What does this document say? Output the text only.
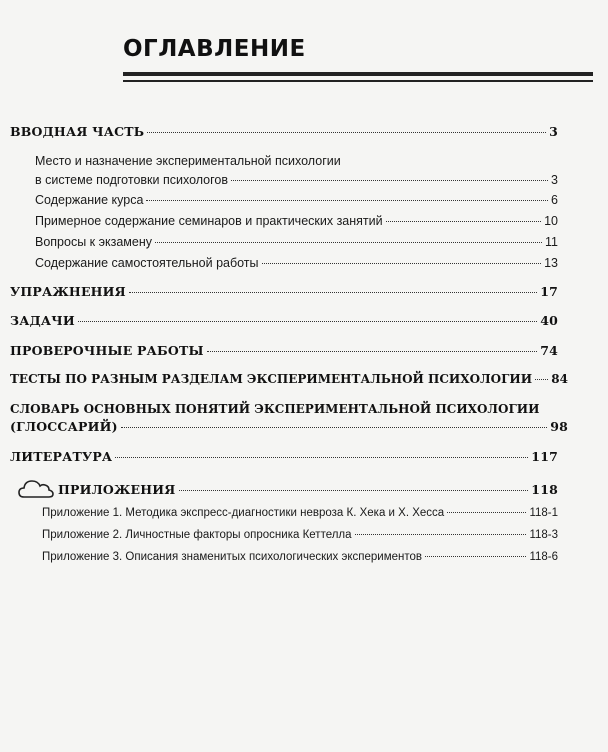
ОГЛАВЛЕНИЕ
ВВОДНАЯ ЧАСТЬ	3
Место и назначение экспериментальной психологии
в системе подготовки психологов	3
Содержание курса	6
Примерное содержание семинаров и практических занятий	10
Вопросы к экзамену	11
Содержание самостоятельной работы	13
УПРАЖНЕНИЯ	17
ЗАДАЧИ	40
ПРОВЕРОЧНЫЕ РАБОТЫ	74
ТЕСТЫ ПО РАЗНЫМ РАЗДЕЛАМ ЭКСПЕРИМЕНТАЛЬНОЙ ПСИХОЛОГИИ 84
СЛОВАРЬ ОСНОВНЫХ ПОНЯТИЙ ЭКСПЕРИМЕНТАЛЬНОЙ ПСИХОЛОГИИ
(ГЛОССАРИЙ)	98
ЛИТЕРАТУРА	117
ПРИЛОЖЕНИЯ	118
Приложение 1. Методика экспресс-диагностики невроза К. Хека и Х. Хесса	118-1
Приложение 2. Личностные факторы опросника Кеттелла	118-3
Приложение 3. Описания знаменитых психологических экспериментов	118-6
